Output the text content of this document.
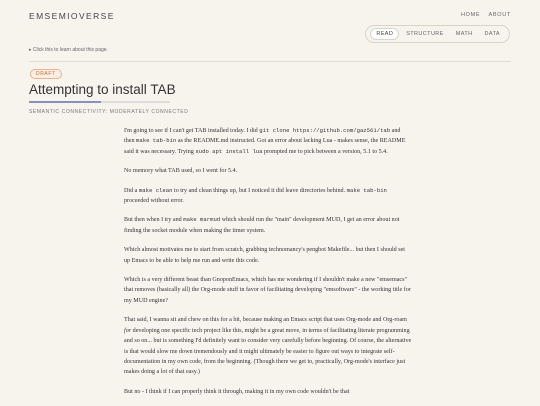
EMSEMIOVERSE	HOME ABOUT
READ	STRUCTURE	MATH	DATA
▸ Click this to learn about this page.
DRAFT
Attempting to install TAB
SEMANTIC CONNECTIVITY: MODERATELY CONNECTED

I'm going to see if I can't get TAB installed today. I did git clone https://github.com/gaz561/tab and then make tab-bin as the README.md instructed. Got an error about lacking Lua - makes sense, the README said it was necessary. Trying sudo apt install lua prompted me to pick between a version, 5.1 to 5.4.

No memory what TAB used, so I went for 5.4.

Did a make clean to try and clean things up, but I noticed it did leave directories behind. make tab-bin proceeded without error.

But then when I try and make marmud which should run the "main" development MUD, I get an error about not finding the socket module when making the timer system.

Which almost motivates me to start from scratch, grabbing technomancy's pengbot Makefile... but then I should set up Emacs to be able to help me run and write this code.

Which is a very different beast than GnoponEmacs, which has me wondering if I shouldn't make a new "emsemacs" that removes (basically all) the Org-mode stuff in favor of facilitating developing "emsoftware" - the working title for my MUD engine?

That said, I wanna sit and chew on this for a bit, because making an Emacs script that uses Org-mode and Org-roam for developing one specific tech project like this, might be a great move, in terms of facilitating literate programming and so on... but is something I'd definitely want to consider very carefully before beginning. Of course, the alternative is that would slow me down tremendously and it might ultimately be easier to figure out ways to integrate self-documentation in my own code, from the beginning. (Though there we get to, practically, Org-mode's interface just makes doing a lot of that easy.)

But no - I think if I can properly think it through, making it in my own code wouldn't be that
